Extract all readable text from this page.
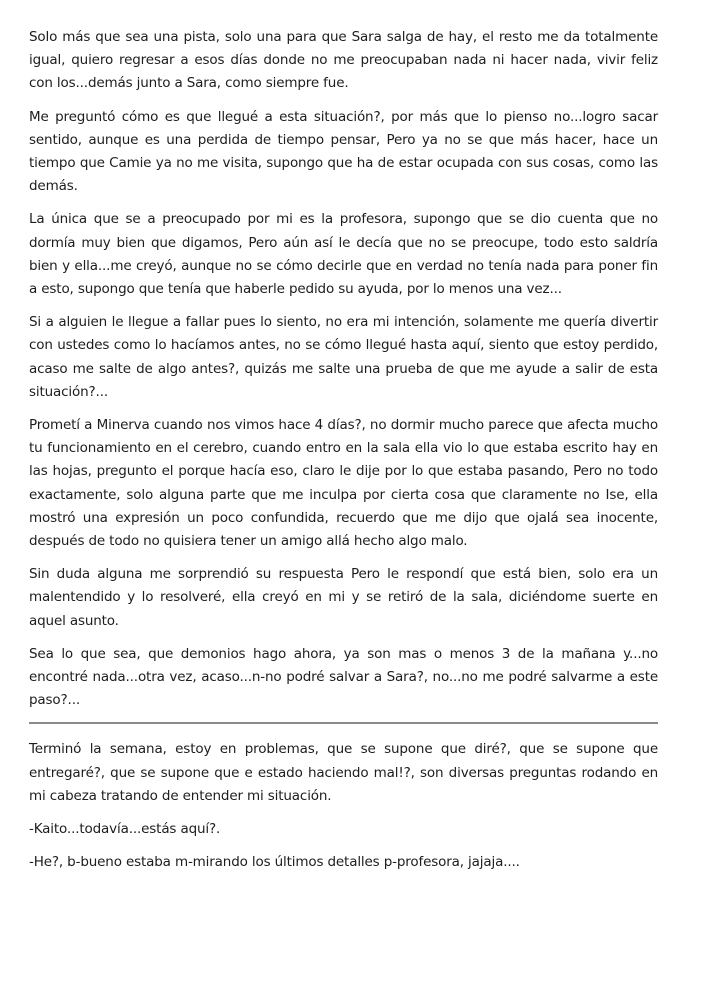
Solo más que sea una pista, solo una para que Sara salga de hay, el resto me da totalmente igual, quiero regresar a esos días donde no me preocupaban nada ni hacer nada, vivir feliz con los...demás junto a Sara, como siempre fue.

Me preguntó cómo es que llegué a esta situación?, por más que lo pienso no...logro sacar sentido, aunque es una perdida de tiempo pensar, Pero ya no se que más hacer, hace un tiempo que Camie ya no me visita, supongo que ha de estar ocupada con sus cosas, como las demás.

La única que se a preocupado por mi es la profesora, supongo que se dio cuenta que no dormía muy bien que digamos, Pero aún así le decía que no se preocupe, todo esto saldría bien y ella...me creyó, aunque no se cómo decirle que en verdad no tenía nada para poner fin a esto, supongo que tenía que haberle pedido su ayuda, por lo menos una vez...

Si a alguien le llegue a fallar pues lo siento, no era mi intención, solamente me quería divertir con ustedes como lo hacíamos antes, no se cómo llegué hasta aquí, siento que estoy perdido, acaso me salte de algo antes?, quizás me salte una prueba de que me ayude a salir de esta situación?...

Prometí a Minerva cuando nos vimos hace 4 días?, no dormir mucho parece que afecta mucho tu funcionamiento en el cerebro, cuando entro en la sala ella vio lo que estaba escrito hay en las hojas, pregunto el porque hacía eso, claro le dije por lo que estaba pasando, Pero no todo exactamente, solo alguna parte que me inculpa por cierta cosa que claramente no Ise, ella mostró una expresión un poco confundida, recuerdo que me dijo que ojalá sea inocente, después de todo no quisiera tener un amigo allá hecho algo malo.

Sin duda alguna me sorprendió su respuesta Pero le respondí que está bien, solo era un malentendido y lo resolveré, ella creyó en mi y se retiró de la sala, diciéndome suerte en aquel asunto.

Sea lo que sea, que demonios hago ahora, ya son mas o menos 3 de la mañana y...no encontré nada...otra vez, acaso...n-no podré salvar a Sara?, no...no me podré salvarme a este paso?...

Terminó la semana, estoy en problemas, que se supone que diré?, que se supone que entregaré?, que se supone que e estado haciendo mal!?, son diversas preguntas rodando en mi cabeza tratando de entender mi situación.

-Kaito...todavía...estás aquí?.

-He?, b-bueno estaba m-mirando los últimos detalles p-profesora, jajaja....
